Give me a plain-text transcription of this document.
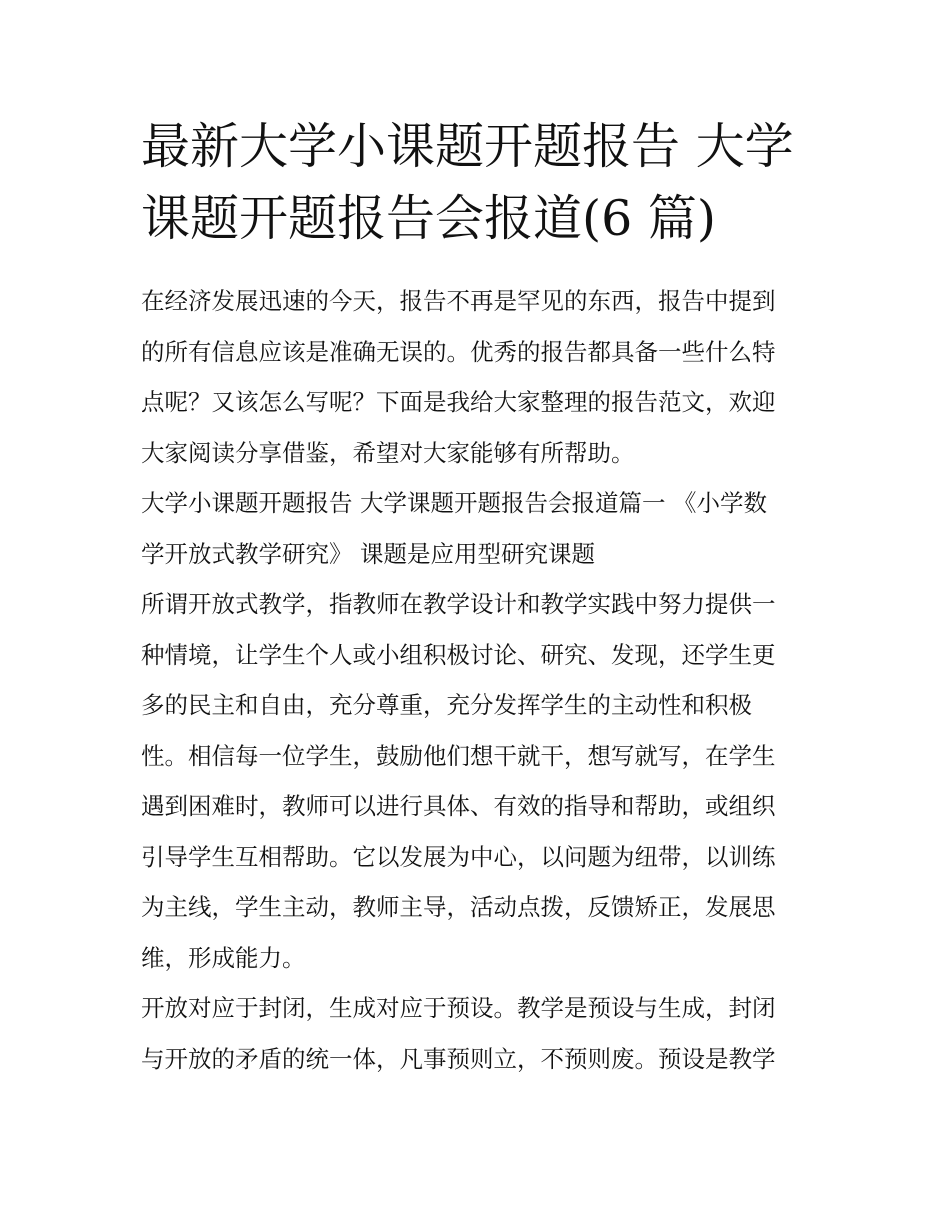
最新大学小课题开题报告 大学
课题开题报告会报道(6 篇)
在经济发展迅速的今天，报告不再是罕见的东西，报告中提到
的所有信息应该是准确无误的。优秀的报告都具备一些什么特
点呢？又该怎么写呢？下面是我给大家整理的报告范文，欢迎
大家阅读分享借鉴，希望对大家能够有所帮助。
大学小课题开题报告 大学课题开题报告会报道篇一 《小学数
学开放式教学研究》 课题是应用型研究课题
所谓开放式教学，指教师在教学设计和教学实践中努力提供一
种情境，让学生个人或小组积极讨论、研究、发现，还学生更
多的民主和自由，充分尊重，充分发挥学生的主动性和积极
性。相信每一位学生，鼓励他们想干就干，想写就写，在学生
遇到困难时，教师可以进行具体、有效的指导和帮助，或组织
引导学生互相帮助。它以发展为中心，以问题为纽带，以训练
为主线，学生主动，教师主导，活动点拨，反馈矫正，发展思
维，形成能力。
开放对应于封闭，生成对应于预设。教学是预设与生成，封闭
与开放的矛盾的统一体，凡事预则立，不预则废。预设是教学
